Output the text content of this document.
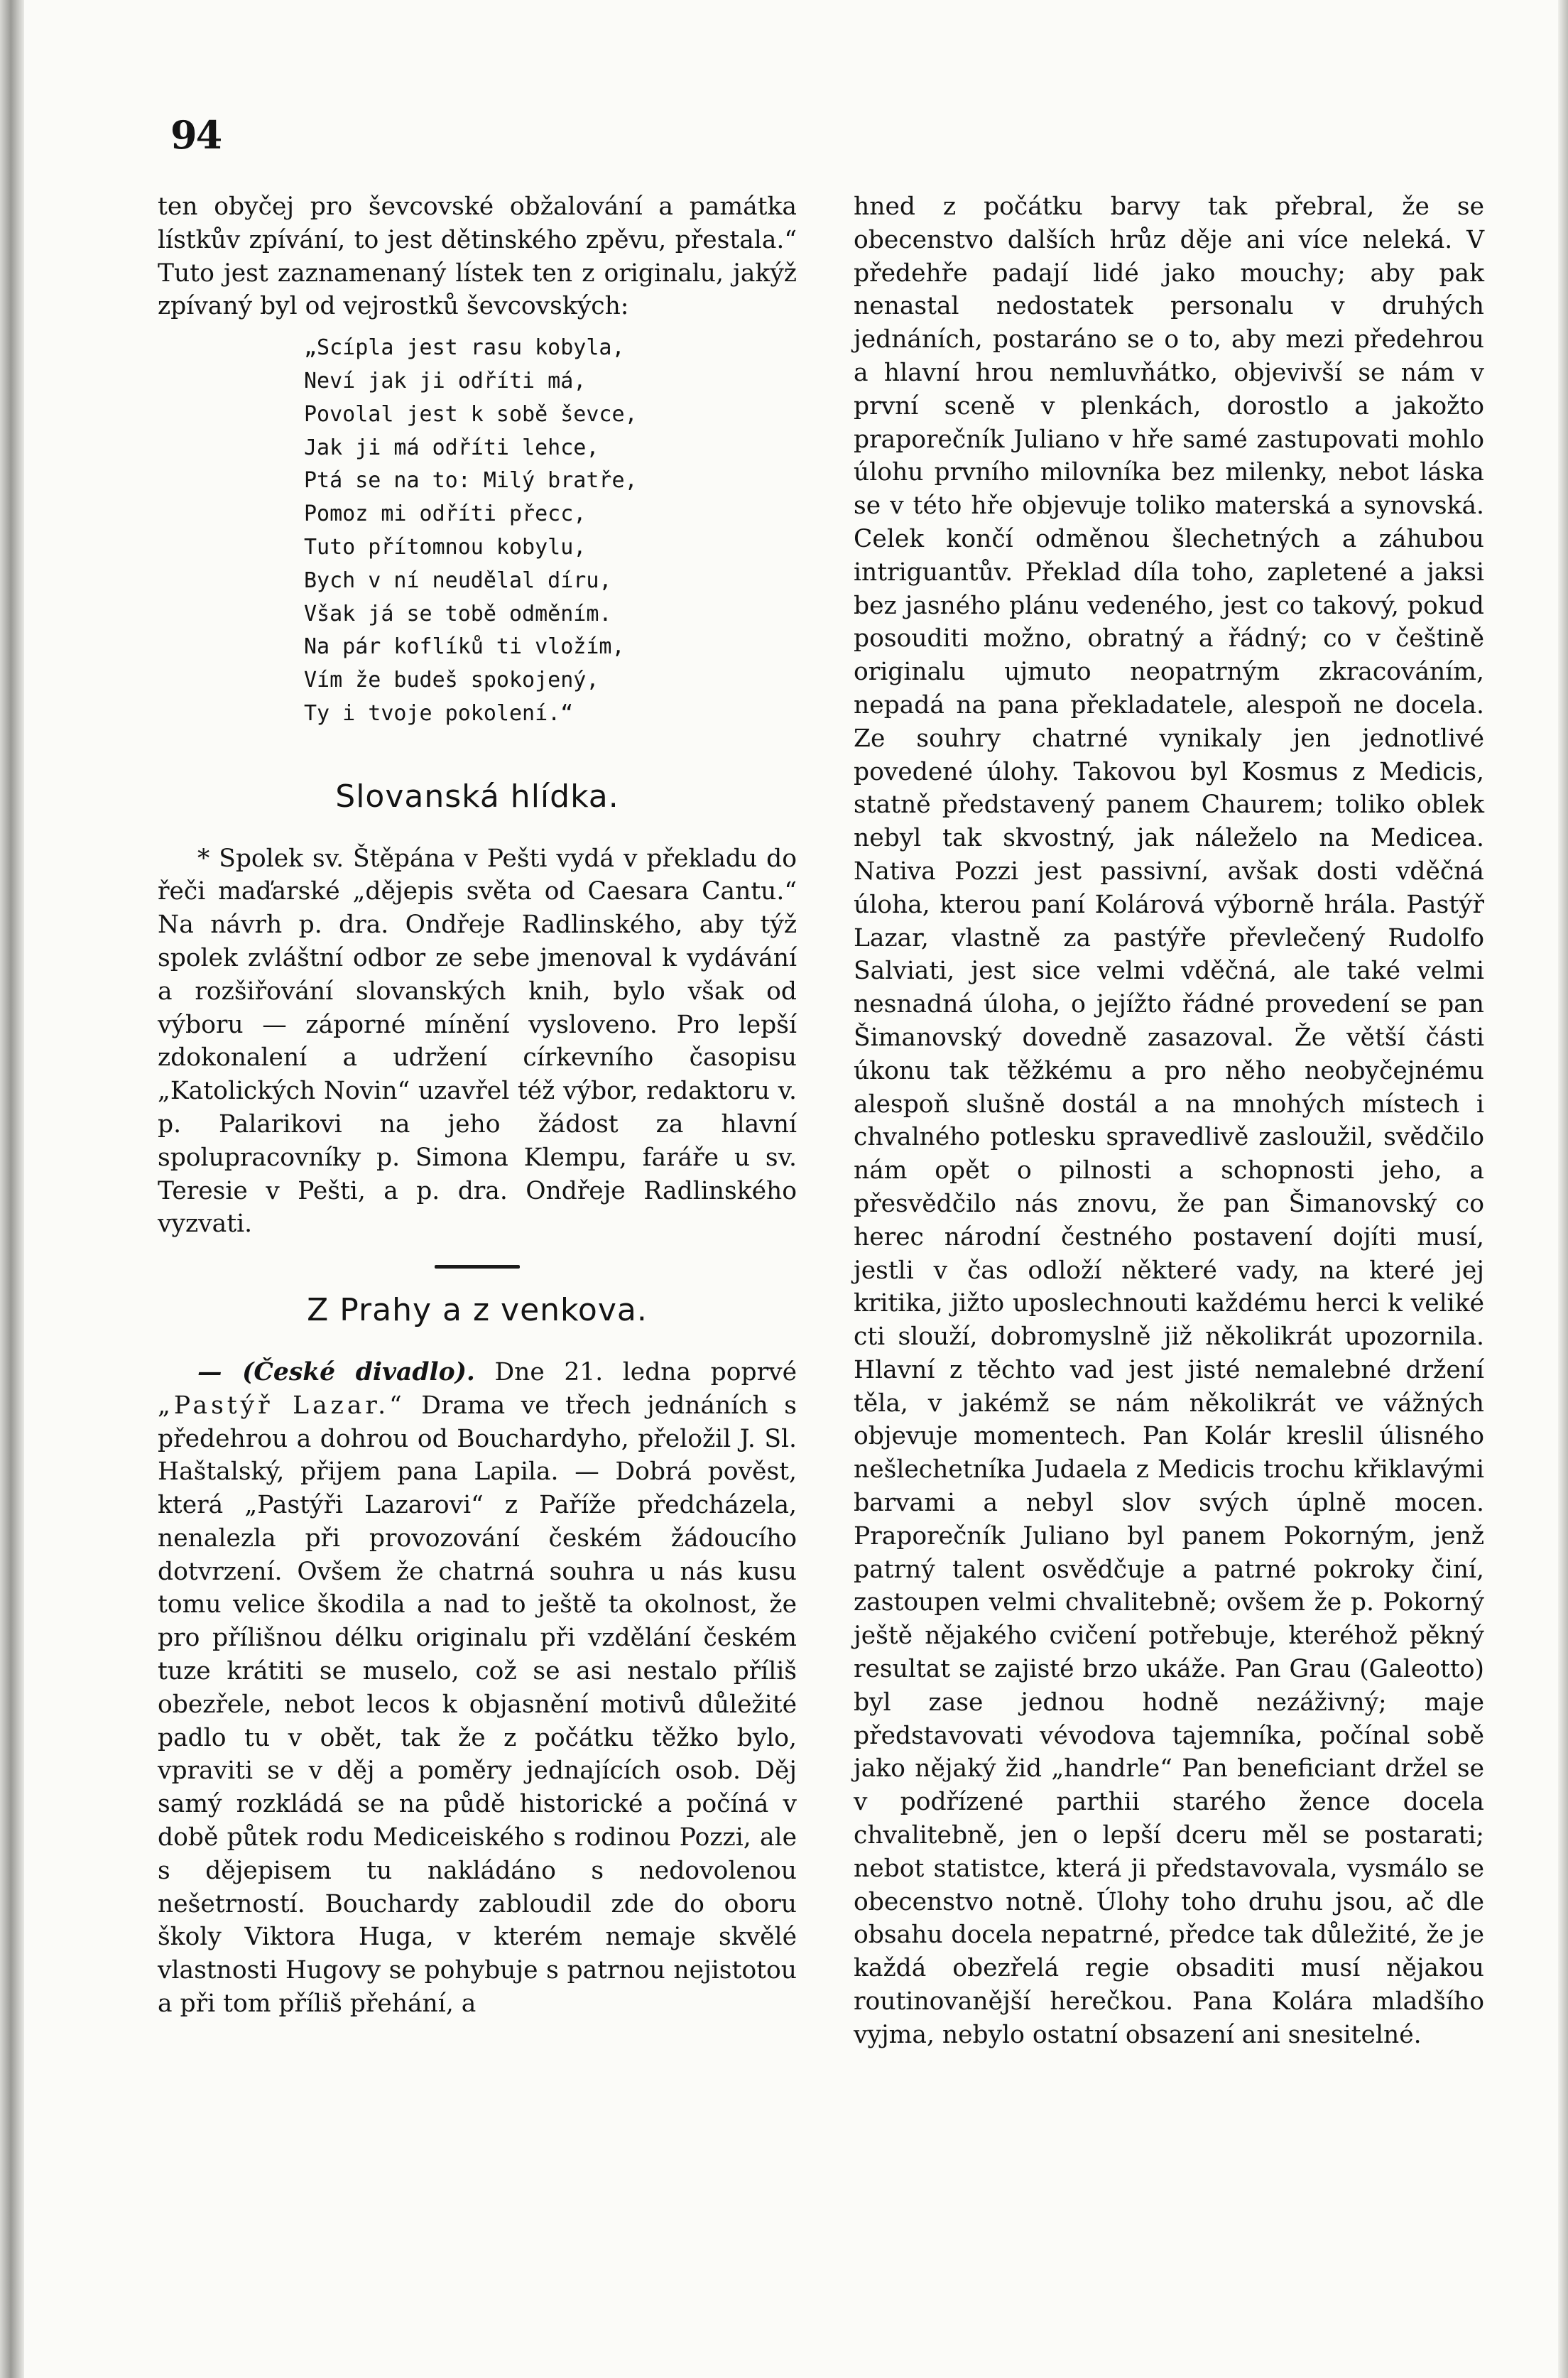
94

ten obyčej pro ševcovské obžalování a památka lístkův zpívání, to jest dětinského zpěvu, přestala.“ Tuto jest zaznamenaný lístek ten z originalu, jakýž zpívaný byl od vejrostků ševcovských:

„Scípla jest rasu kobyla,
Neví jak ji odříti má,
Povolal jest k sobě ševce,
Jak ji má odříti lehce,
Ptá se na to: Milý bratře,
Pomoz mi odříti přecc,
Tuto přítomnou kobylu,
Bych v ní neudělal díru,
Však já se tobě odměním.
Na pár koflíků ti vložím,
Vím že budeš spokojený,
Ty i tvoje pokolení.“
Slovanská hlídka.

* Spolek sv. Štěpána v Pešti vydá v překladu do řeči maďarské „dějepis světa od Caesara Cantu.“ Na návrh p. dra. Ondřeje Radlinského, aby týž spolek zvláštní odbor ze sebe jmenoval k vydávání a rozšiřování slovanských knih, bylo však od výboru — záporné mínění vysloveno. Pro lepší zdokonalení a udržení církevního časopisu „Katolických Novin“ uzavřel též výbor, redaktoru v. p. Palarikovi na jeho žádost za hlavní spolupracovníky p. Simona Klempu, faráře u sv. Teresie v Pešti, a p. dra. Ondřeje Radlinského vyzvati.

Z Prahy a z venkova.

— (České divadlo). Dne 21. ledna poprvé „Pastýř Lazar.“ Drama ve třech jednáních s předehrou a dohrou od Bouchardyho, přeložil J. Sl. Haštalský, přijem pana Lapila. — Dobrá pověst, která „Pastýři Lazarovi“ z Paříže předcházela, nenalezla při provozování českém žádoucího dotvrzení. Ovšem že chatrná souhra u nás kusu tomu velice škodila a nad to ještě ta okolnost, že pro přílišnou délku originalu při vzdělání českém tuze krátiti se muselo, což se asi nestalo příliš obezřele, nebot lecos k objasnění motivů důležité padlo tu v obět, tak že z počátku těžko bylo, vpraviti se v děj a poměry jednajících osob. Děj samý rozkládá se na půdě historické a počíná v době půtek rodu Mediceiského s rodinou Pozzi, ale s dějepisem tu nakládáno s nedovolenou nešetrností. Bouchardy zabloudil zde do oboru školy Viktora Huga, v kterém nemaje skvělé vlastnosti Hugovy se pohybuje s patrnou nejistotou a při tom příliš přehání, a

hned z počátku barvy tak přebral, že se obecenstvo dalších hrůz děje ani více neleká. V předehře padají lidé jako mouchy; aby pak nenastal nedostatek personalu v druhých jednáních, postaráno se o to, aby mezi předehrou a hlavní hrou nemluvňátko, objevivší se nám v první sceně v plenkách, dorostlo a jakožto praporečník Juliano v hře samé zastupovati mohlo úlohu prvního milovníka bez milenky, nebot láska se v této hře objevuje toliko materská a synovská. Celek končí odměnou šlechetných a záhubou intriguantův. Překlad díla toho, zapletené a jaksi bez jasného plánu vedeného, jest co takový, pokud posouditi možno, obratný a řádný; co v češtině originalu ujmuto neopatrným zkracováním, nepadá na pana překladatele, alespoň ne docela. Ze souhry chatrné vynikaly jen jednotlivé povedené úlohy. Takovou byl Kosmus z Medicis, statně představený panem Chaurem; toliko oblek nebyl tak skvostný, jak náleželo na Medicea. Nativa Pozzi jest passivní, avšak dosti vděčná úloha, kterou paní Kolárová výborně hrála. Pastýř Lazar, vlastně za pastýře převlečený Rudolfo Salviati, jest sice velmi vděčná, ale také velmi nesnadná úloha, o jejížto řádné provedení se pan Šimanovský dovedně zasazoval. Že větší části úkonu tak těžkému a pro něho neobyčejnému alespoň slušně dostál a na mnohých místech i chvalného potlesku spravedlivě zasloužil, svědčilo nám opět o pilnosti a schopnosti jeho, a přesvědčilo nás znovu, že pan Šimanovský co herec národní čestného postavení dojíti musí, jestli v čas odloží některé vady, na které jej kritika, jižto uposlechnouti každému herci k veliké cti slouží, dobromyslně již několikrát upozornila. Hlavní z těchto vad jest jisté nemalebné držení těla, v jakémž se nám několikrát ve vážných objevuje momentech. Pan Kolár kreslil úlisného nešlechetníka Judaela z Medicis trochu křiklavými barvami a nebyl slov svých úplně mocen. Praporečník Juliano byl panem Pokorným, jenž patrný talent osvědčuje a patrné pokroky činí, zastoupen velmi chvalitebně; ovšem že p. Pokorný ještě nějakého cvičení potřebuje, kteréhož pěkný resultat se zajisté brzo ukáže. Pan Grau (Galeotto) byl zase jednou hodně nezáživný; maje představovati vévodova tajemníka, počínal sobě jako nějaký žid „handrle“ Pan beneficiant držel se v podřízené parthii starého žence docela chvalitebně, jen o lepší dceru měl se postarati; nebot statistce, která ji představovala, vysmálo se obecenstvo notně. Úlohy toho druhu jsou, ač dle obsahu docela nepatrné, předce tak důležité, že je každá obezřelá regie obsaditi musí nějakou routinovanější herečkou. Pana Kolára mladšího vyjma, nebylo ostatní obsazení ani snesitelné.
